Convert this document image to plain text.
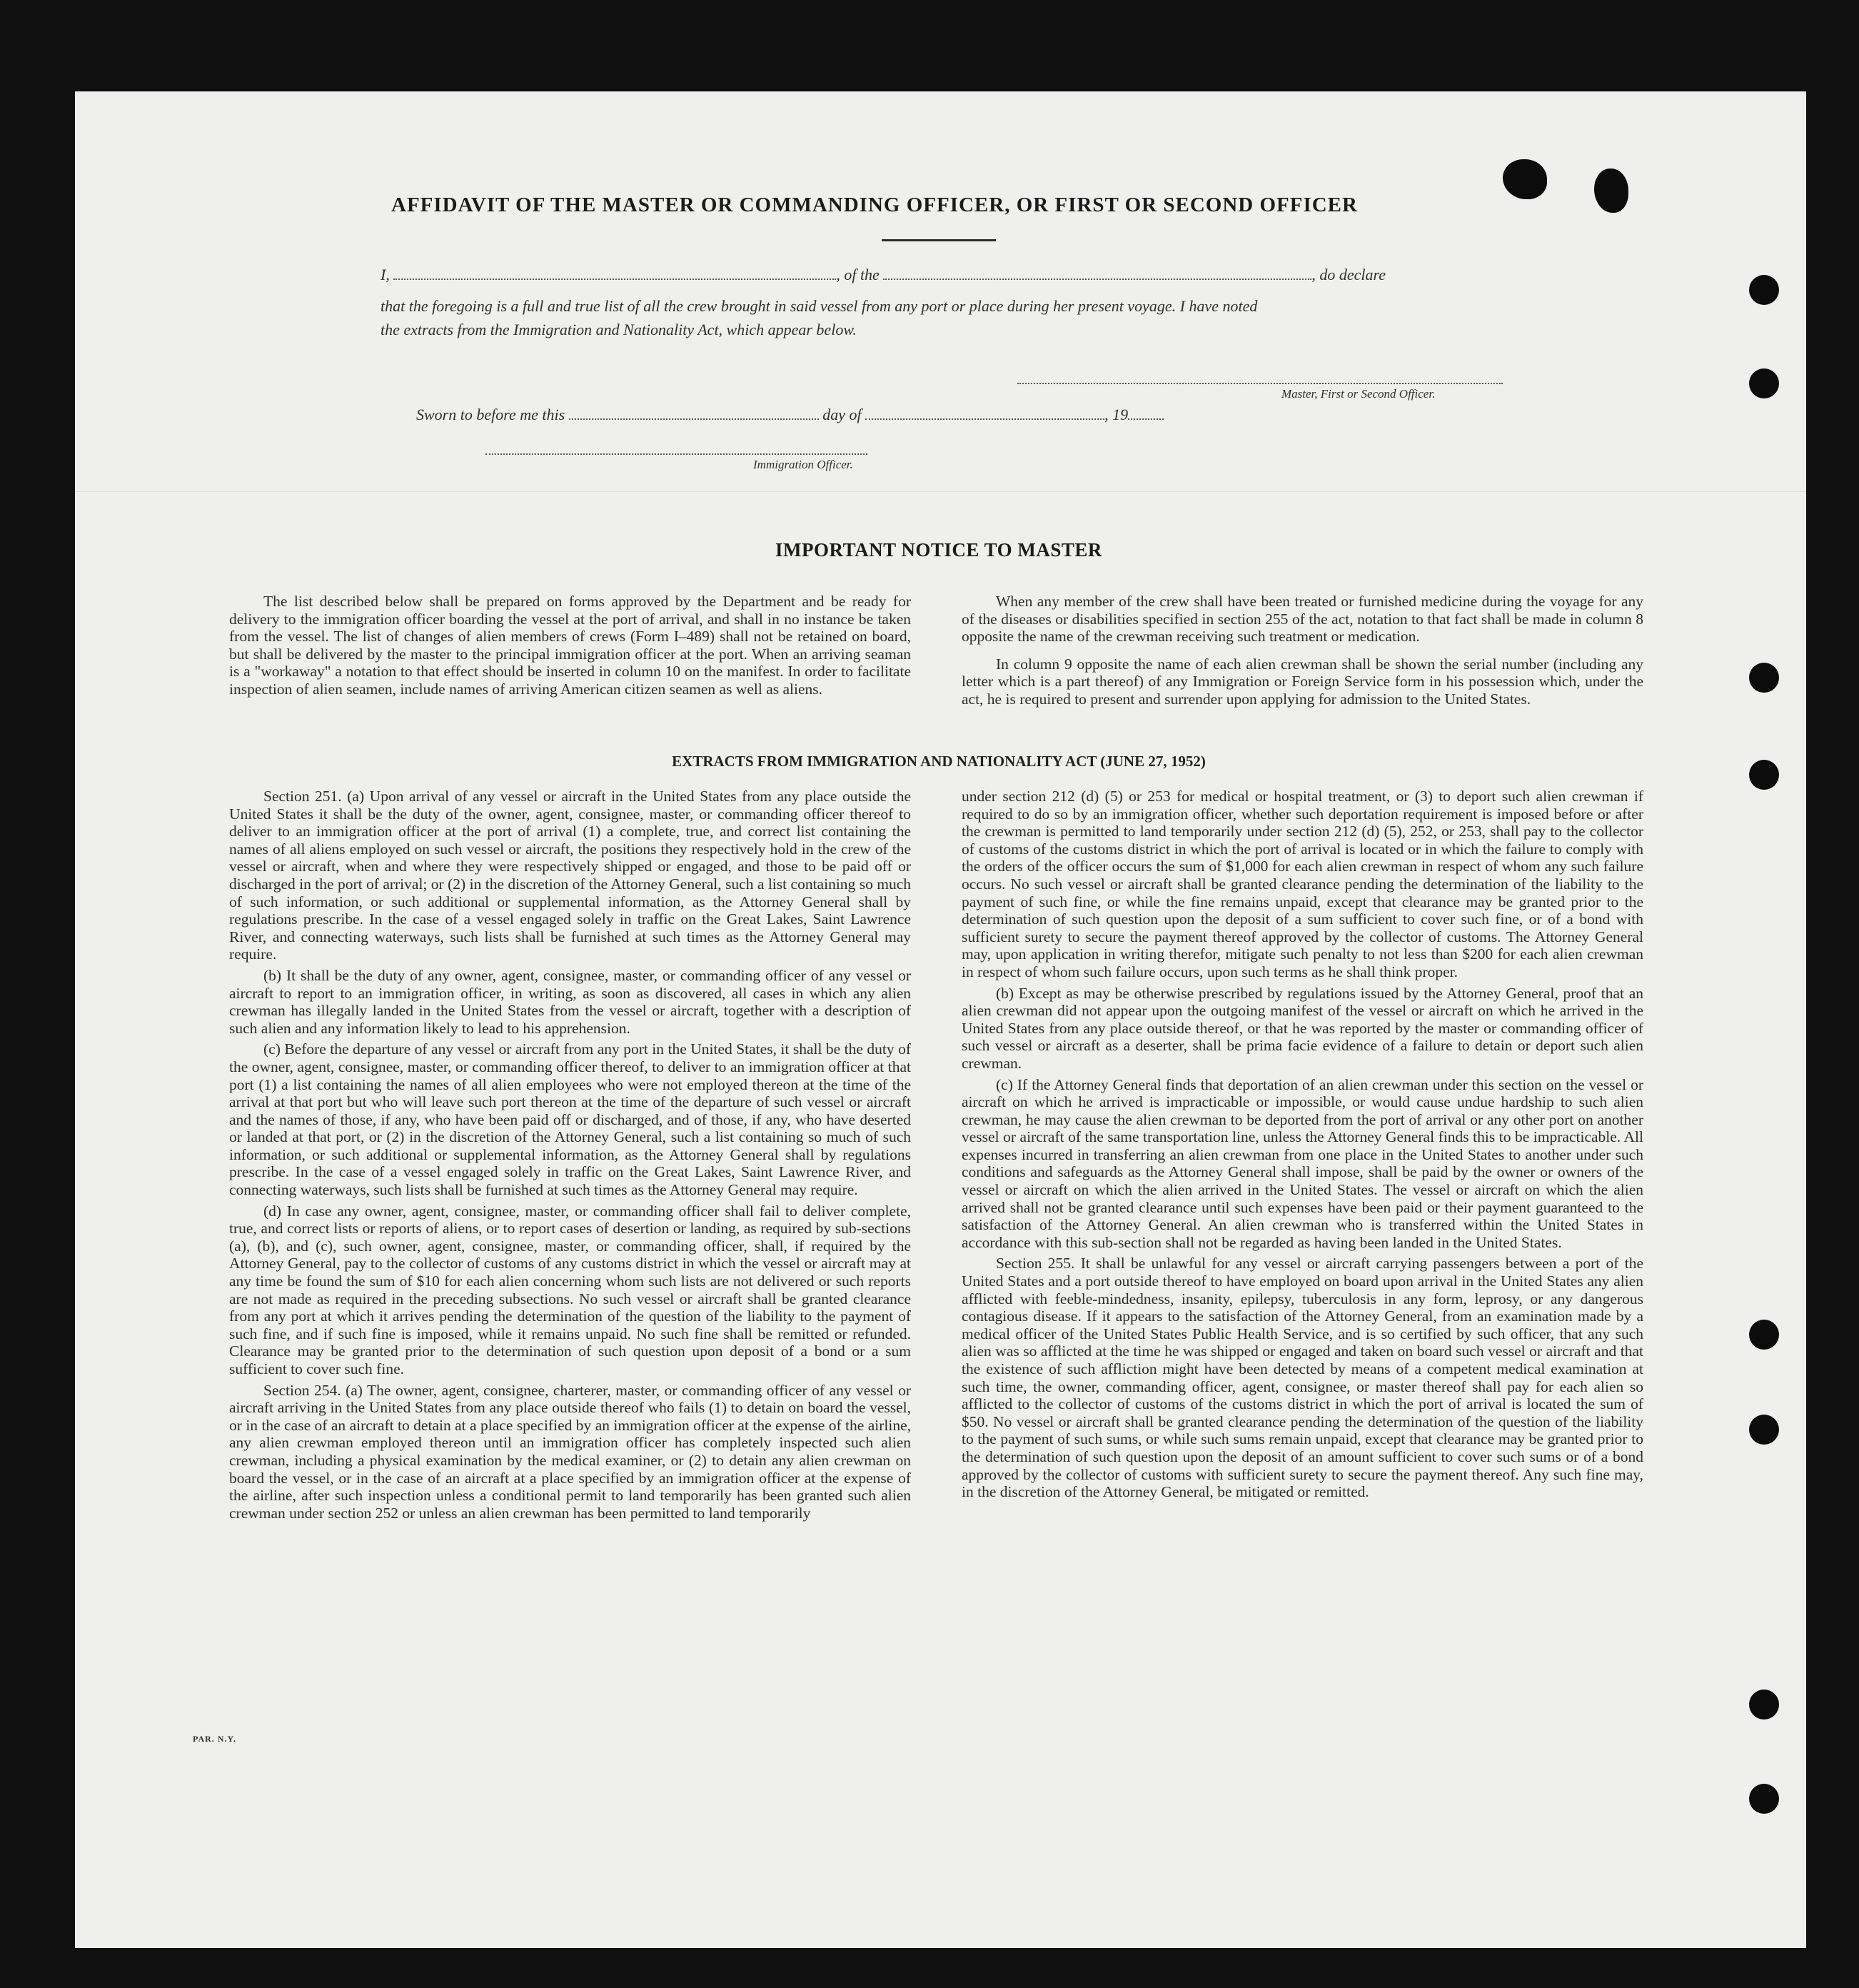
AFFIDAVIT OF THE MASTER OR COMMANDING OFFICER, OR FIRST OR SECOND OFFICER
I,	, of the	, do declare
that the foregoing is a full and true list of all the crew brought in said vessel from any port or place during her present voyage. I have noted
the extracts from the Immigration and Nationality Act, which appear below.
Master, First or Second Officer.
Sworn to before me this	day of	, 19
Immigration Officer.
IMPORTANT NOTICE TO MASTER

The list described below shall be prepared on forms approved by the Department and be ready for delivery to the immigration officer boarding the vessel at the port of arrival, and shall in no instance be taken from the vessel. The list of changes of alien members of crews (Form I–489) shall not be retained on board, but shall be delivered by the master to the principal immigration officer at the port. When an arriving seaman is a "workaway" a notation to that effect should be inserted in column 10 on the manifest. In order to facilitate inspection of alien seamen, include names of arriving American citizen seamen as well as aliens.

When any member of the crew shall have been treated or furnished medicine during the voyage for any of the diseases or disabilities specified in section 255 of the act, notation to that fact shall be made in column 8 opposite the name of the crewman receiving such treatment or medication.

In column 9 opposite the name of each alien crewman shall be shown the serial number (including any letter which is a part thereof) of any Immigration or Foreign Service form in his possession which, under the act, he is required to present and surrender upon applying for admission to the United States.

EXTRACTS FROM IMMIGRATION AND NATIONALITY ACT (JUNE 27, 1952)

Section 251. (a) Upon arrival of any vessel or aircraft in the United States from any place outside the United States it shall be the duty of the owner, agent, consignee, master, or commanding officer thereof to deliver to an immigration officer at the port of arrival (1) a complete, true, and correct list containing the names of all aliens employed on such vessel or aircraft, the positions they respectively hold in the crew of the vessel or aircraft, when and where they were respectively shipped or engaged, and those to be paid off or discharged in the port of arrival; or (2) in the discretion of the Attorney General, such a list containing so much of such information, or such additional or supplemental information, as the Attorney General shall by regulations prescribe. In the case of a vessel engaged solely in traffic on the Great Lakes, Saint Lawrence River, and connecting waterways, such lists shall be furnished at such times as the Attorney General may require.

(b) It shall be the duty of any owner, agent, consignee, master, or commanding officer of any vessel or aircraft to report to an immigration officer, in writing, as soon as discovered, all cases in which any alien crewman has illegally landed in the United States from the vessel or aircraft, together with a description of such alien and any information likely to lead to his apprehension.

(c) Before the departure of any vessel or aircraft from any port in the United States, it shall be the duty of the owner, agent, consignee, master, or commanding officer thereof, to deliver to an immigration officer at that port (1) a list containing the names of all alien employees who were not employed thereon at the time of the arrival at that port but who will leave such port thereon at the time of the departure of such vessel or aircraft and the names of those, if any, who have been paid off or discharged, and of those, if any, who have deserted or landed at that port, or (2) in the discretion of the Attorney General, such a list containing so much of such information, or such additional or supplemental information, as the Attorney General shall by regulations prescribe. In the case of a vessel engaged solely in traffic on the Great Lakes, Saint Lawrence River, and connecting waterways, such lists shall be furnished at such times as the Attorney General may require.

(d) In case any owner, agent, consignee, master, or commanding officer shall fail to deliver complete, true, and correct lists or reports of aliens, or to report cases of desertion or landing, as required by sub-sections (a), (b), and (c), such owner, agent, consignee, master, or commanding officer, shall, if required by the Attorney General, pay to the collector of customs of any customs district in which the vessel or aircraft may at any time be found the sum of $10 for each alien concerning whom such lists are not delivered or such reports are not made as required in the preceding subsections. No such vessel or aircraft shall be granted clearance from any port at which it arrives pending the determination of the question of the liability to the payment of such fine, and if such fine is imposed, while it remains unpaid. No such fine shall be remitted or refunded. Clearance may be granted prior to the determination of such question upon deposit of a bond or a sum sufficient to cover such fine.

Section 254. (a) The owner, agent, consignee, charterer, master, or commanding officer of any vessel or aircraft arriving in the United States from any place outside thereof who fails (1) to detain on board the vessel, or in the case of an aircraft to detain at a place specified by an immigration officer at the expense of the airline, any alien crewman employed thereon until an immigration officer has completely inspected such alien crewman, including a physical examination by the medical examiner, or (2) to detain any alien crewman on board the vessel, or in the case of an aircraft at a place specified by an immigration officer at the expense of the airline, after such inspection unless a conditional permit to land temporarily has been granted such alien crewman under section 252 or unless an alien crewman has been permitted to land temporarily

under section 212 (d) (5) or 253 for medical or hospital treatment, or (3) to deport such alien crewman if required to do so by an immigration officer, whether such deportation requirement is imposed before or after the crewman is permitted to land temporarily under section 212 (d) (5), 252, or 253, shall pay to the collector of customs of the customs district in which the port of arrival is located or in which the failure to comply with the orders of the officer occurs the sum of $1,000 for each alien crewman in respect of whom any such failure occurs. No such vessel or aircraft shall be granted clearance pending the determination of the liability to the payment of such fine, or while the fine remains unpaid, except that clearance may be granted prior to the determination of such question upon the deposit of a sum sufficient to cover such fine, or of a bond with sufficient surety to secure the payment thereof approved by the collector of customs. The Attorney General may, upon application in writing therefor, mitigate such penalty to not less than $200 for each alien crewman in respect of whom such failure occurs, upon such terms as he shall think proper.

(b) Except as may be otherwise prescribed by regulations issued by the Attorney General, proof that an alien crewman did not appear upon the outgoing manifest of the vessel or aircraft on which he arrived in the United States from any place outside thereof, or that he was reported by the master or commanding officer of such vessel or aircraft as a deserter, shall be prima facie evidence of a failure to detain or deport such alien crewman.

(c) If the Attorney General finds that deportation of an alien crewman under this section on the vessel or aircraft on which he arrived is impracticable or impossible, or would cause undue hardship to such alien crewman, he may cause the alien crewman to be deported from the port of arrival or any other port on another vessel or aircraft of the same transportation line, unless the Attorney General finds this to be impracticable. All expenses incurred in transferring an alien crewman from one place in the United States to another under such conditions and safeguards as the Attorney General shall impose, shall be paid by the owner or owners of the vessel or aircraft on which the alien arrived in the United States. The vessel or aircraft on which the alien arrived shall not be granted clearance until such expenses have been paid or their payment guaranteed to the satisfaction of the Attorney General. An alien crewman who is transferred within the United States in accordance with this sub-section shall not be regarded as having been landed in the United States.

Section 255. It shall be unlawful for any vessel or aircraft carrying passengers between a port of the United States and a port outside thereof to have employed on board upon arrival in the United States any alien afflicted with feeble-mindedness, insanity, epilepsy, tuberculosis in any form, leprosy, or any dangerous contagious disease. If it appears to the satisfaction of the Attorney General, from an examination made by a medical officer of the United States Public Health Service, and is so certified by such officer, that any such alien was so afflicted at the time he was shipped or engaged and taken on board such vessel or aircraft and that the existence of such affliction might have been detected by means of a competent medical examination at such time, the owner, commanding officer, agent, consignee, or master thereof shall pay for each alien so afflicted to the collector of customs of the customs district in which the port of arrival is located the sum of $50. No vessel or aircraft shall be granted clearance pending the determination of the question of the liability to the payment of such sums, or while such sums remain unpaid, except that clearance may be granted prior to the determination of such question upon the deposit of an amount sufficient to cover such sums or of a bond approved by the collector of customs with sufficient surety to secure the payment thereof. Any such fine may, in the discretion of the Attorney General, be mitigated or remitted.

PAR. N.Y.
